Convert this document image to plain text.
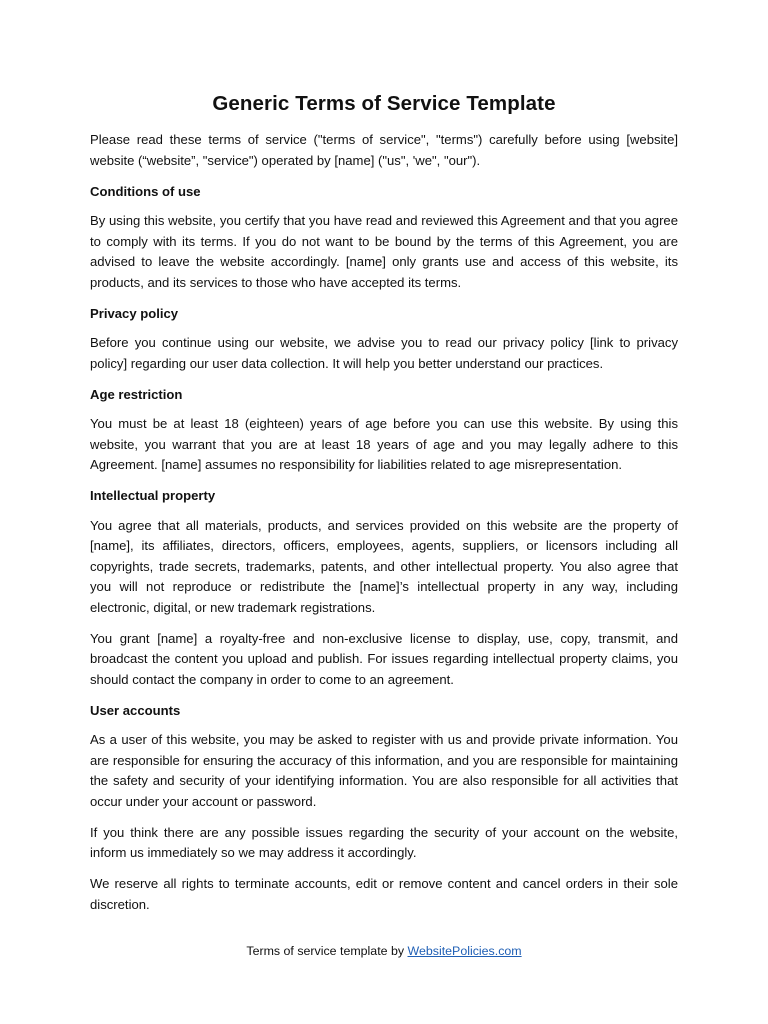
Generic Terms of Service Template

Please read these terms of service ("terms of service", "terms") carefully before using [website] website (“website”, "service") operated by [name] ("us", 'we", "our").

Conditions of use

By using this website, you certify that you have read and reviewed this Agreement and that you agree to comply with its terms. If you do not want to be bound by the terms of this Agreement, you are advised to leave the website accordingly. [name] only grants use and access of this website, its products, and its services to those who have accepted its terms.

Privacy policy

Before you continue using our website, we advise you to read our privacy policy [link to privacy policy] regarding our user data collection. It will help you better understand our practices.

Age restriction

You must be at least 18 (eighteen) years of age before you can use this website. By using this website, you warrant that you are at least 18 years of age and you may legally adhere to this Agreement. [name] assumes no responsibility for liabilities related to age misrepresentation.

Intellectual property

You agree that all materials, products, and services provided on this website are the property of [name], its affiliates, directors, officers, employees, agents, suppliers, or licensors including all copyrights, trade secrets, trademarks, patents, and other intellectual property. You also agree that you will not reproduce or redistribute the [name]’s intellectual property in any way, including electronic, digital, or new trademark registrations.

You grant [name] a royalty-free and non-exclusive license to display, use, copy, transmit, and broadcast the content you upload and publish. For issues regarding intellectual property claims, you should contact the company in order to come to an agreement.

User accounts

As a user of this website, you may be asked to register with us and provide private information. You are responsible for ensuring the accuracy of this information, and you are responsible for maintaining the safety and security of your identifying information. You are also responsible for all activities that occur under your account or password.

If you think there are any possible issues regarding the security of your account on the website, inform us immediately so we may address it accordingly.

We reserve all rights to terminate accounts, edit or remove content and cancel orders in their sole discretion.

Terms of service template by WebsitePolicies.com
